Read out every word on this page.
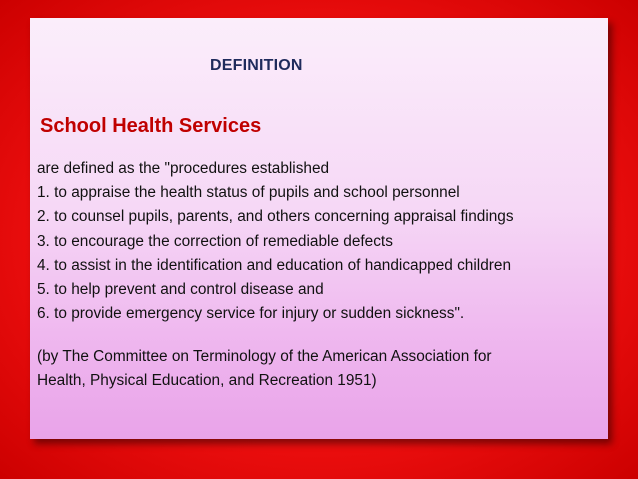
DEFINITION
School Health Services
are defined as the "procedures established
1. to appraise the health status of pupils and school personnel
2. to counsel pupils, parents, and others concerning appraisal findings
3. to encourage the correction of remediable defects
4. to assist in the identification and education of handicapped children
5. to help prevent and control disease and
6. to provide emergency service for injury or sudden sickness".
(by The Committee on Terminology of the American Association for
Health, Physical Education, and Recreation 1951)
